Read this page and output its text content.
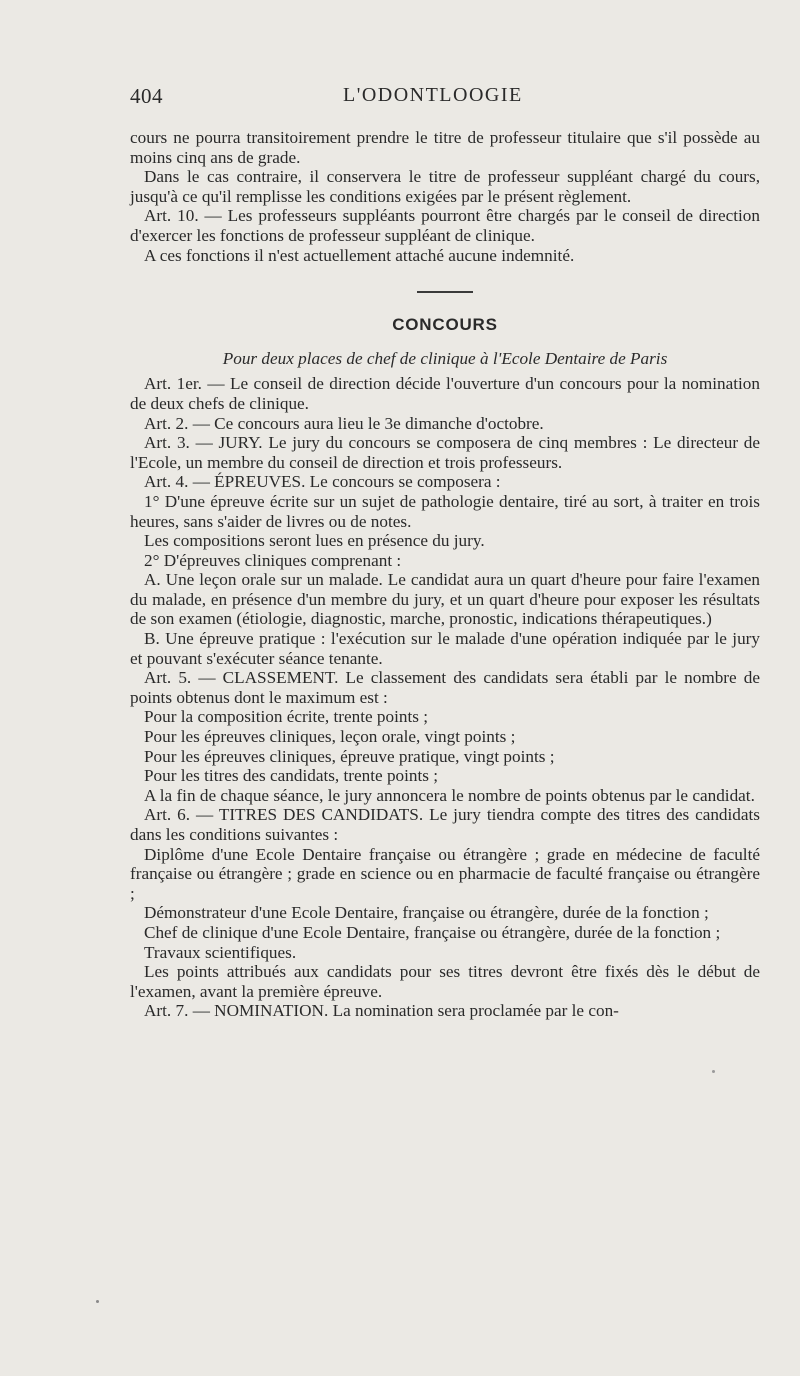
404	L'ODONTLOOGIE

cours ne pourra transitoirement prendre le titre de professeur titulaire que s'il possède au moins cinq ans de grade.

Dans le cas contraire, il conservera le titre de professeur suppléant chargé du cours, jusqu'à ce qu'il remplisse les conditions exigées par le présent règlement.

Art. 10. — Les professeurs suppléants pourront être chargés par le conseil de direction d'exercer les fonctions de professeur suppléant de clinique.

A ces fonctions il n'est actuellement attaché aucune indemnité.

CONCOURS
Pour deux places de chef de clinique à l'Ecole Dentaire de Paris

Art. 1er. — Le conseil de direction décide l'ouverture d'un concours pour la nomination de deux chefs de clinique.

Art. 2. — Ce concours aura lieu le 3e dimanche d'octobre.

Art. 3. — JURY. Le jury du concours se composera de cinq membres : Le directeur de l'Ecole, un membre du conseil de direction et trois professeurs.

Art. 4. — ÉPREUVES. Le concours se composera :

1° D'une épreuve écrite sur un sujet de pathologie dentaire, tiré au sort, à traiter en trois heures, sans s'aider de livres ou de notes.

Les compositions seront lues en présence du jury.

2° D'épreuves cliniques comprenant :

A. Une leçon orale sur un malade. Le candidat aura un quart d'heure pour faire l'examen du malade, en présence d'un membre du jury, et un quart d'heure pour exposer les résultats de son examen (étiologie, diagnostic, marche, pronostic, indications thérapeutiques.)

B. Une épreuve pratique : l'exécution sur le malade d'une opération indiquée par le jury et pouvant s'exécuter séance tenante.

Art. 5. — CLASSEMENT. Le classement des candidats sera établi par le nombre de points obtenus dont le maximum est :

Pour la composition écrite, trente points ;

Pour les épreuves cliniques, leçon orale, vingt points ;

Pour les épreuves cliniques, épreuve pratique, vingt points ;

Pour les titres des candidats, trente points ;

A la fin de chaque séance, le jury annoncera le nombre de points obtenus par le candidat.

Art. 6. — TITRES DES CANDIDATS. Le jury tiendra compte des titres des candidats dans les conditions suivantes :

Diplôme d'une Ecole Dentaire française ou étrangère ; grade en médecine de faculté française ou étrangère ; grade en science ou en pharmacie de faculté française ou étrangère ;

Démonstrateur d'une Ecole Dentaire, française ou étrangère, durée de la fonction ;

Chef de clinique d'une Ecole Dentaire, française ou étrangère, durée de la fonction ;

Travaux scientifiques.

Les points attribués aux candidats pour ses titres devront être fixés dès le début de l'examen, avant la première épreuve.

Art. 7. — NOMINATION. La nomination sera proclamée par le con-
